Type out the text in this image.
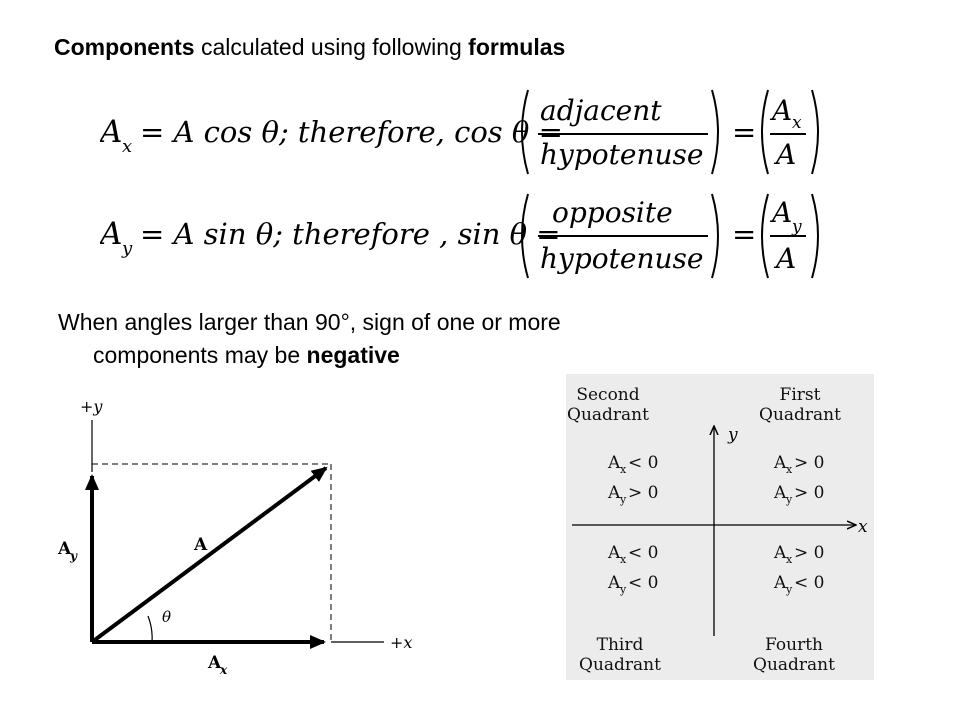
Components calculated using following formulas
A x = A cos θ; therefore, cos θ =
adjacent
hypotenuse
=
A x
A
A y = A sin θ; therefore , sin θ =
opposite
hypotenuse
=
A y
A
When angles larger than 90°, sign of one or more
components may be negative
+y
+x
θ
A
A
y
A
x
Second
Quadrant
First
Quadrant
Third
Quadrant
Fourth
Quadrant
y
x
A x < 0
A y > 0
A x > 0
A y > 0
A x < 0
A y < 0
A x > 0
A y < 0
